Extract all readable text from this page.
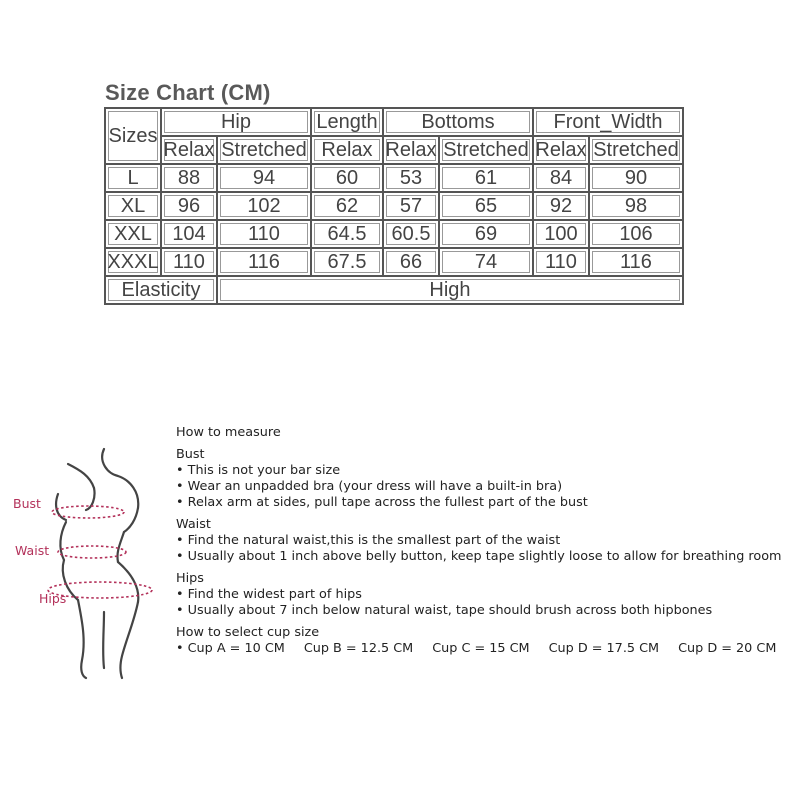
Size Chart (CM)
Sizes	Hip		Length	Bottoms		Front_Width	
	Relax	Stretched	Relax	Relax	Stretched	Relax	Stretched
L	88	94	60	53	61	84	90
XL	96	102	62	57	65	92	98
XXL	104	110	64.5	60.5	69	100	106
XXXL	110	116	67.5	66	74	110	116
Elasticity		High					
Bust
Waist
Hips
How to measure
Bust
• This is not your bar size
• Wear an unpadded bra (your dress will have a built-in bra)
• Relax arm at sides, pull tape across the fullest part of the bust
Waist
• Find the natural waist,this is the smallest part of the waist
• Usually about 1 inch above belly button, keep tape slightly loose to allow for breathing room
Hips
• Find the widest part of hips
• Usually about 7 inch below natural waist, tape should brush across both hipbones
How to select cup size
• Cup A = 10 CM Cup B = 12.5 CM Cup C = 15 CM Cup D = 17.5 CM Cup D = 20 CM
